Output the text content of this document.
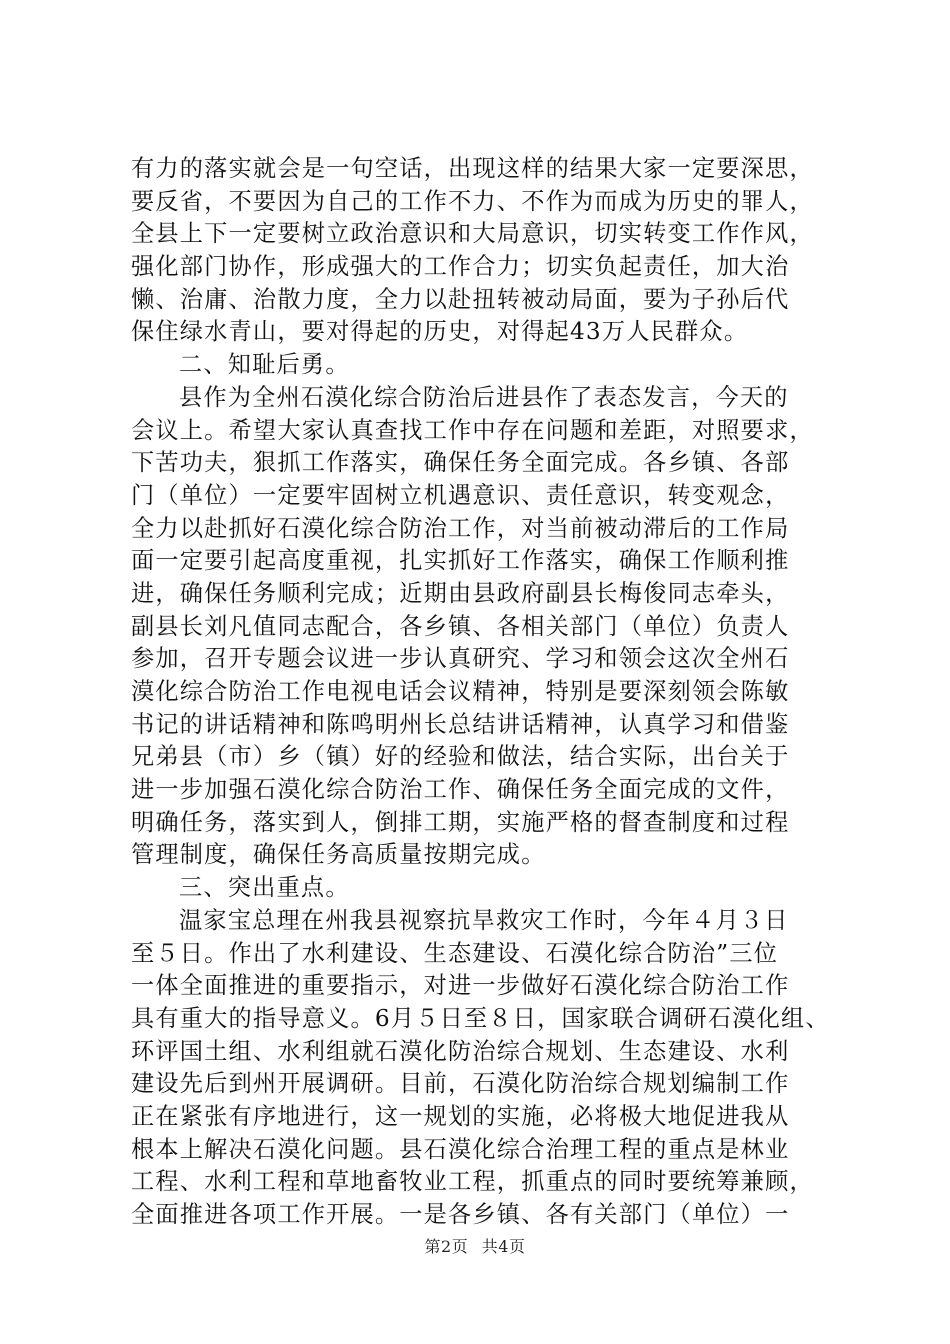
有力的落实就会是一句空话，出现这样的结果大家一定要深思，
要反省，不要因为自己的工作不力、不作为而成为历史的罪人，
全县上下一定要树立政治意识和大局意识，切实转变工作作风，
强化部门协作，形成强大的工作合力；切实负起责任，加大治
懒、治庸、治散力度，全力以赴扭转被动局面，要为子孙后代
保住绿水青山，要对得起的历史，对得起43万人民群众。
二、知耻后勇。
县作为全州石漠化综合防治后进县作了表态发言，今天的
会议上。希望大家认真查找工作中存在问题和差距，对照要求，
下苦功夫，狠抓工作落实，确保任务全面完成。各乡镇、各部
门（单位）一定要牢固树立机遇意识、责任意识，转变观念，
全力以赴抓好石漠化综合防治工作，对当前被动滞后的工作局
面一定要引起高度重视，扎实抓好工作落实，确保工作顺利推
进，确保任务顺利完成；近期由县政府副县长梅俊同志牵头，
副县长刘凡值同志配合，各乡镇、各相关部门（单位）负责人
参加，召开专题会议进一步认真研究、学习和领会这次全州石
漠化综合防治工作电视电话会议精神，特别是要深刻领会陈敏
书记的讲话精神和陈鸣明州长总结讲话精神，认真学习和借鉴
兄弟县（市）乡（镇）好的经验和做法，结合实际，出台关于
进一步加强石漠化综合防治工作、确保任务全面完成的文件，
明确任务，落实到人，倒排工期，实施严格的督查制度和过程
管理制度，确保任务高质量按期完成。
三、突出重点。
温家宝总理在州我县视察抗旱救灾工作时，今年４月３日
至５日。作出了水利建设、生态建设、石漠化综合防治”三位
一体全面推进的重要指示，对进一步做好石漠化综合防治工作
具有重大的指导意义。6月５日至８日，国家联合调研石漠化组、
环评国土组、水利组就石漠化防治综合规划、生态建设、水利
建设先后到州开展调研。目前，石漠化防治综合规划编制工作
正在紧张有序地进行，这一规划的实施，必将极大地促进我从
根本上解决石漠化问题。县石漠化综合治理工程的重点是林业
工程、水利工程和草地畜牧业工程，抓重点的同时要统筹兼顾，
全面推进各项工作开展。一是各乡镇、各有关部门（单位）一
第2页 共4页
